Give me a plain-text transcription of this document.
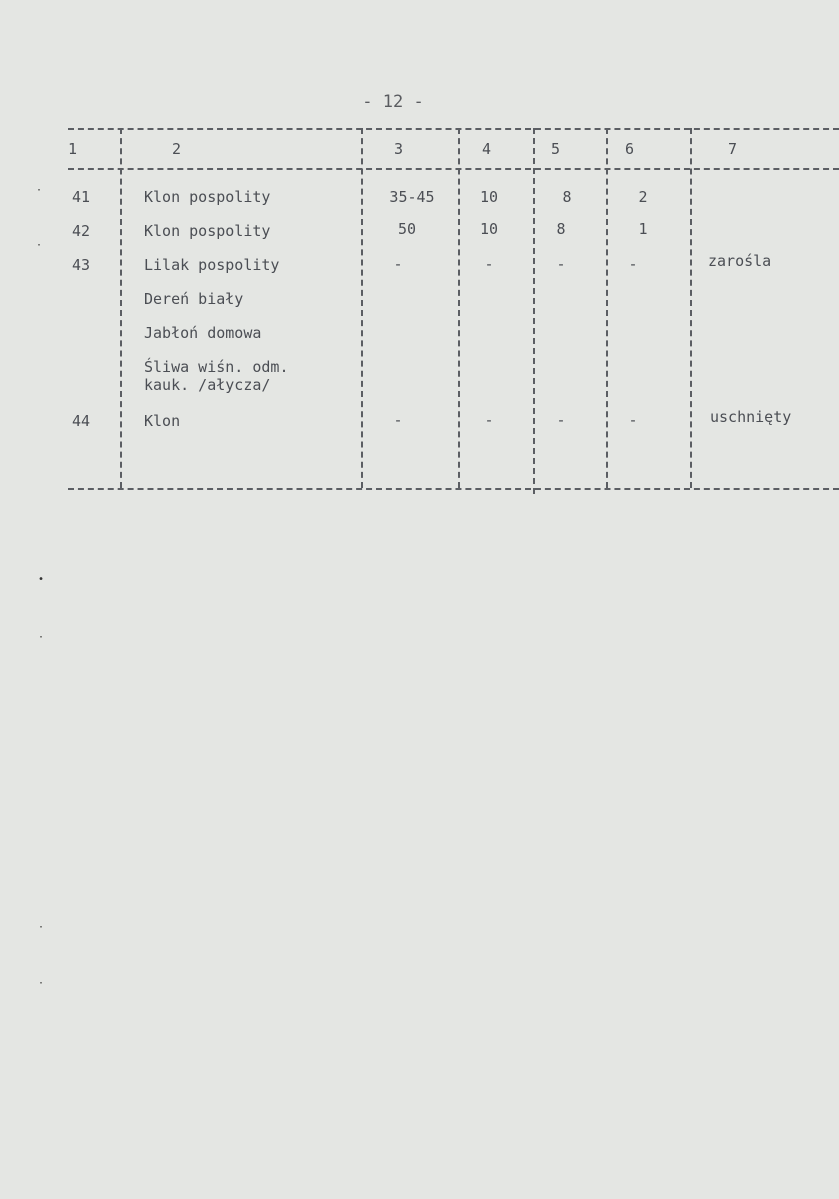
- 12 -
1	2	3	4	5	6	7
41	Klon pospolity	35-45	10	8	2
42	Klon pospolity	50	10	8	1
43	Lilak pospolity	-	-	-	-	zarośla
Dereń biały
Jabłoń domowa
Śliwa wiśn. odm.
kauk. /ałycza/
44	Klon	-	-	-	-	uschnięty
·
·
•
·
·
·
